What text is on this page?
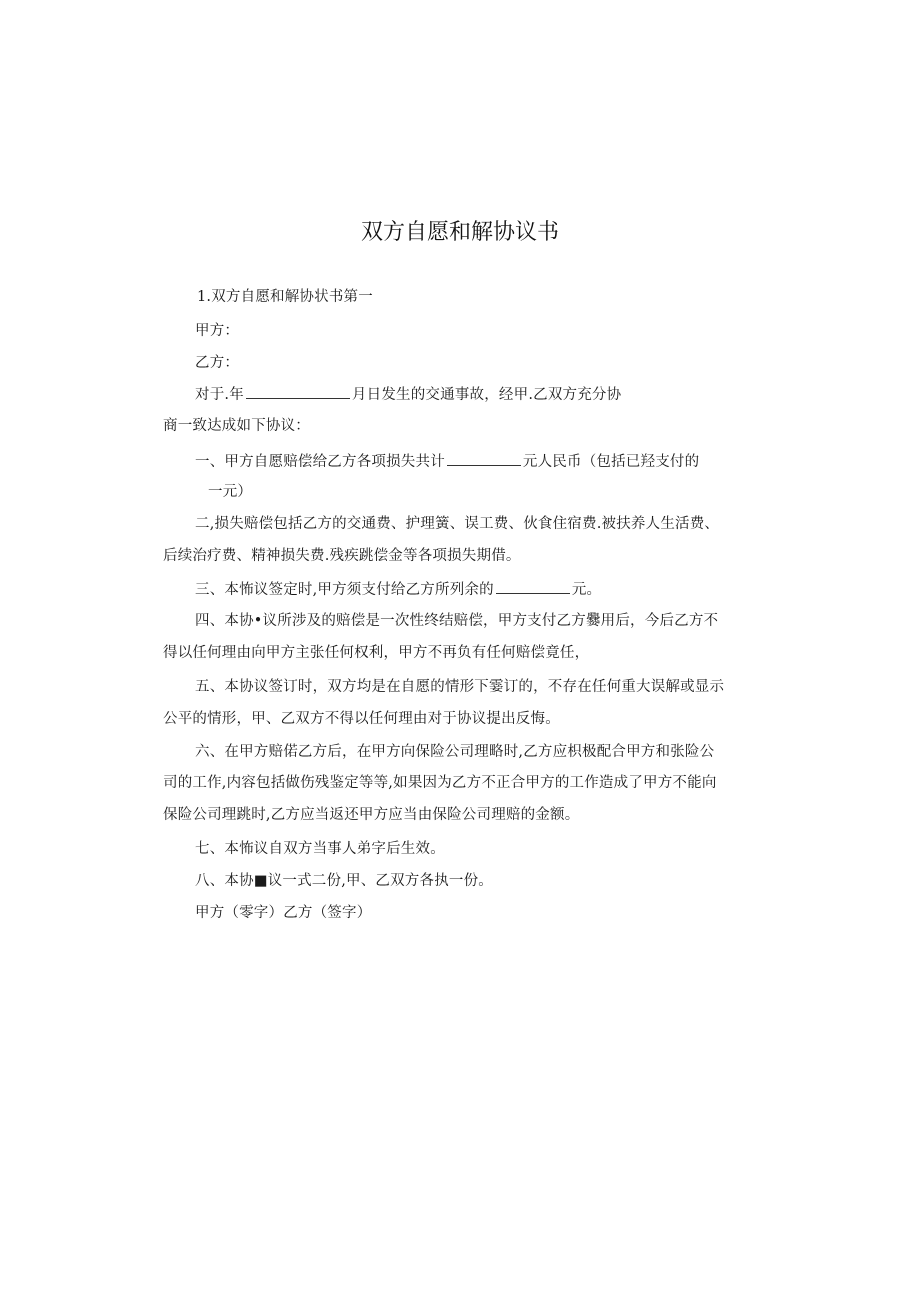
双方自愿和解协议书
1.双方自愿和解协状书第一
甲方：
乙方：
对于.年	月日发生的交通事故，经甲.乙双方充分协
商一致达成如下协议：
一、甲方自愿赔偿给乙方各项损失共计	元人民币（包括已羟支付的
一元）
二,损失赔偿包括乙方的交通费、护理簧、误工费、伙食住宿费.被扶养人生活费、
后续治疗费、精神损失费.残疾跳偿金等各项损失期借。
三、本怖议签定时,甲方须支付给乙方所列余的	元。
四、本协•议所涉及的赔偿是一次性终结赔偿，甲方支付乙方爨用后，今后乙方不
得以任何理由向甲方主张任何权利，甲方不再负有任何赔偿竟任，
五、本协议签订时，双方均是在自愿的情形下霎订的，不存在任何重大误解或显示
公平的情形，甲、乙双方不得以任何理由对于协议提出反悔。
六、在甲方赔偌乙方后，在甲方向保险公司理略时,乙方应枳极配合甲方和张险公
司的工作,内容包括做伤残鉴定等等,如果因为乙方不正合甲方的工作造成了甲方不能向
保险公司理跳时,乙方应当返还甲方应当由保险公司理赔的金额。
七、本怖议自双方当事人弟字后生效。
八、本协■议一式二份,甲、乙双方各执一份。
甲方（零字）乙方（签字）
